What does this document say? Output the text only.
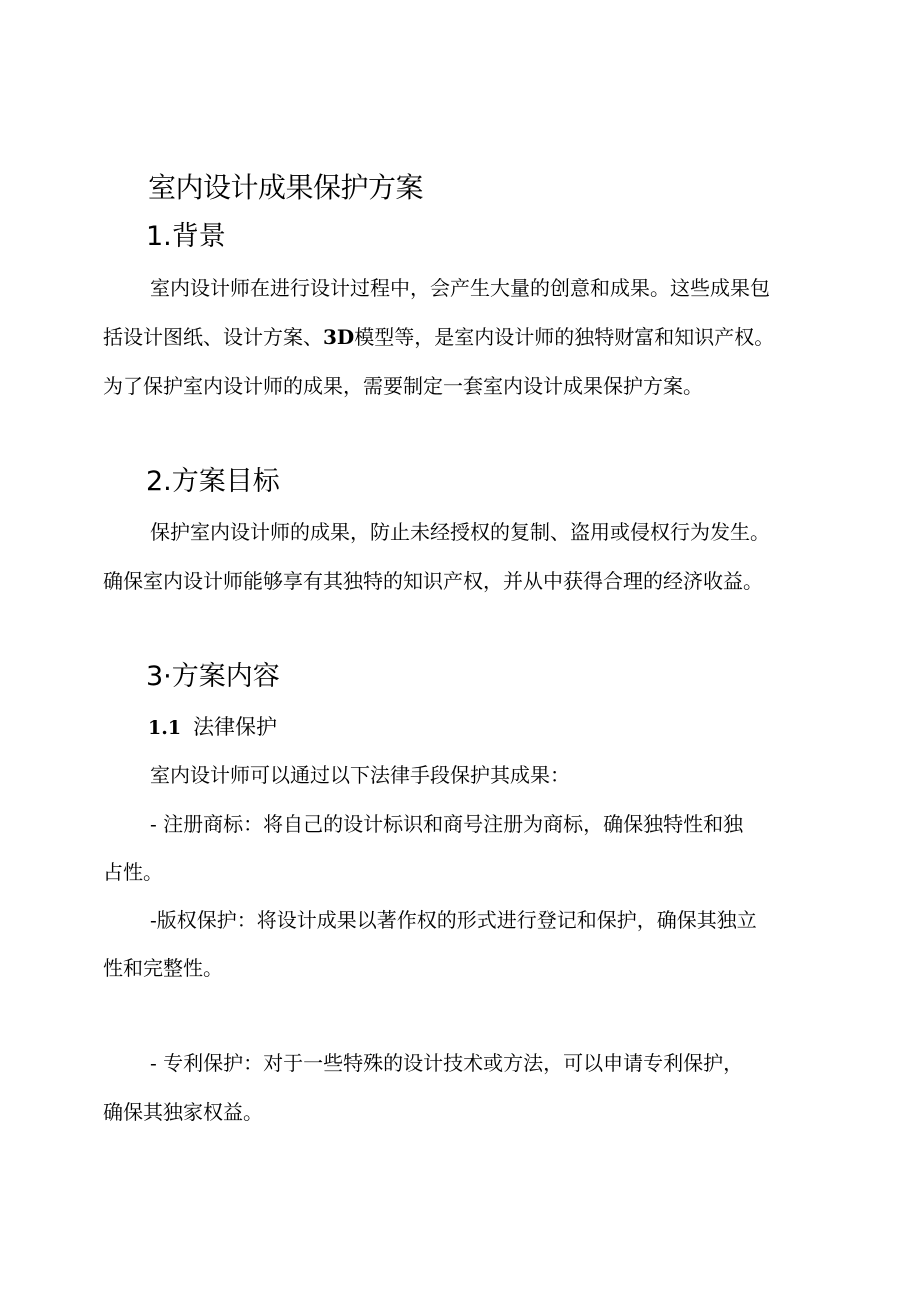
室内设计成果保护方案
1.背景
室内设计师在进行设计过程中，会产生大量的创意和成果。这些成果包
括设计图纸、设计方案、3D模型等，是室内设计师的独特财富和知识产权。
为了保护室内设计师的成果，需要制定一套室内设计成果保护方案。
2.方案目标
保护室内设计师的成果，防止未经授权的复制、盗用或侵权行为发生。
确保室内设计师能够享有其独特的知识产权，并从中获得合理的经济收益。
3·方案内容
1.1 法律保护
室内设计师可以通过以下法律手段保护其成果：
- 注册商标：将自己的设计标识和商号注册为商标，确保独特性和独
占性。
-版权保护：将设计成果以著作权的形式进行登记和保护，确保其独立
性和完整性。
- 专利保护：对于一些特殊的设计技术或方法，可以申请专利保护，
确保其独家权益。
